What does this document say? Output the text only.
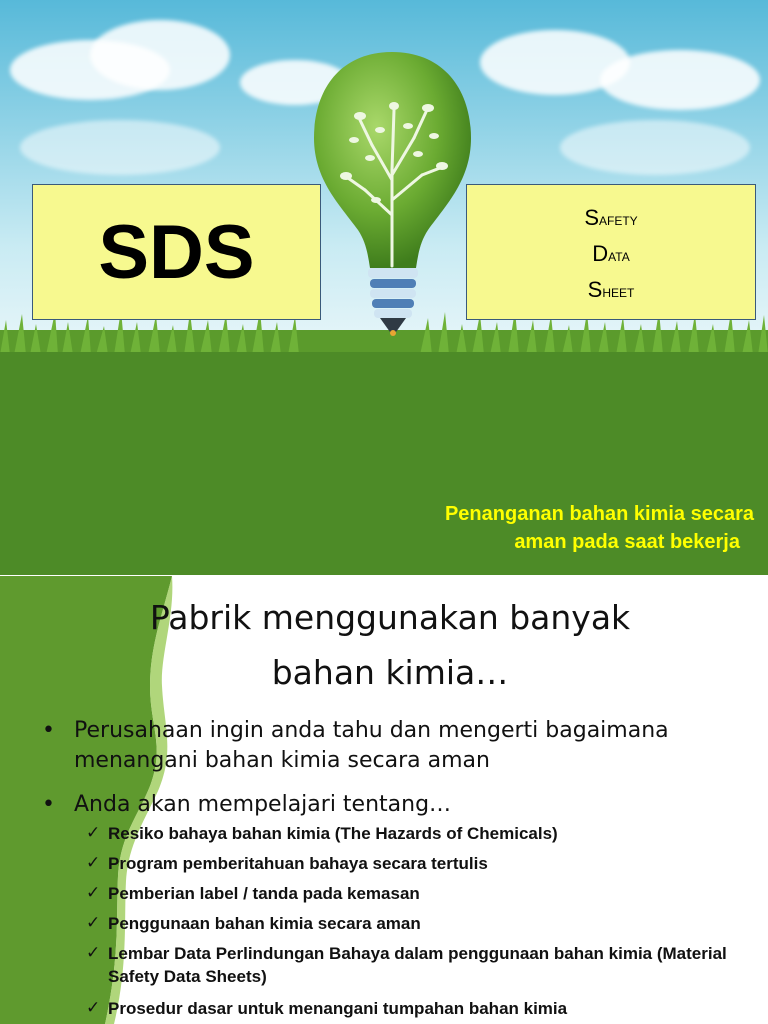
SDS	Safety
Data
Sheet
Penanganan bahan kimia secara
aman pada saat bekerja
Pabrik menggunakan banyak
bahan kimia…
• Perusahaan ingin anda tahu dan mengerti bagaimana menangani bahan kimia secara aman
• Anda akan mempelajari tentang…
✓ Resiko bahaya bahan kimia (The Hazards of Chemicals)
✓ Program pemberitahuan bahaya secara tertulis
✓ Pemberian label / tanda pada kemasan
✓ Penggunaan bahan kimia secara aman
✓ Lembar Data Perlindungan Bahaya dalam penggunaan bahan kimia (Material Safety Data Sheets)
✓ Prosedur dasar untuk menangani tumpahan bahan kimia
